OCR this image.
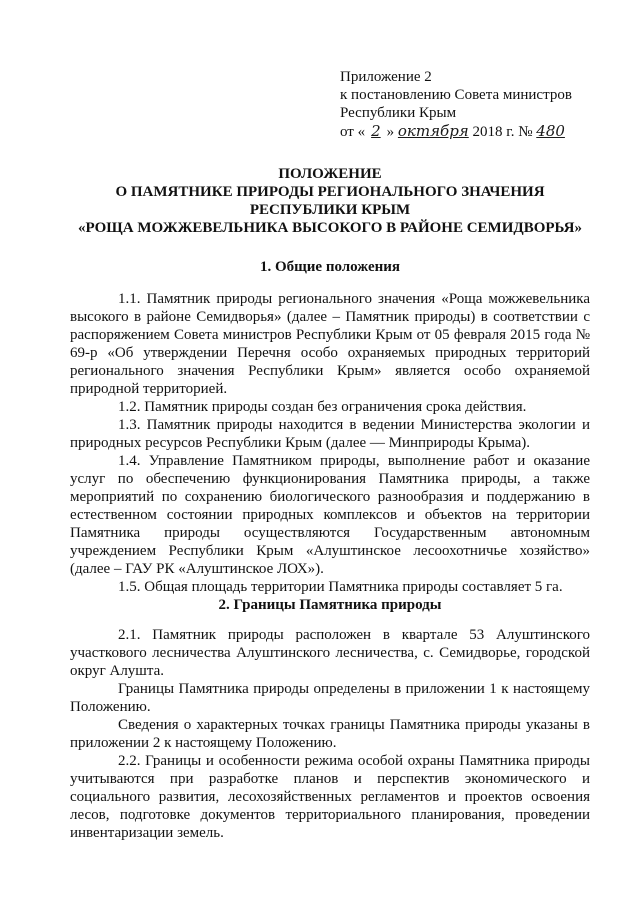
Приложение 2
к постановлению Совета министров
Республики Крым
от « 2 » октября 2018 г. № 480
ПОЛОЖЕНИЕ
О ПАМЯТНИКЕ ПРИРОДЫ РЕГИОНАЛЬНОГО ЗНАЧЕНИЯ
РЕСПУБЛИКИ КРЫМ
«РОЩА МОЖЖЕВЕЛЬНИКА ВЫСОКОГО В РАЙОНЕ СЕМИДВОРЬЯ»
1. Общие положения

1.1. Памятник природы регионального значения «Роща можжевельника высокого в районе Семидворья» (далее – Памятник природы) в соответствии с распоряжением Совета министров Республики Крым от 05 февраля 2015 года № 69-р «Об утверждении Перечня особо охраняемых природных территорий регионального значения Республики Крым» является особо охраняемой природной территорией.

1.2. Памятник природы создан без ограничения срока действия.

1.3. Памятник природы находится в ведении Министерства экологии и природных ресурсов Республики Крым (далее — Минприроды Крыма).

1.4. Управление Памятником природы, выполнение работ и оказание услуг по обеспечению функционирования Памятника природы, а также мероприятий по сохранению биологического разнообразия и поддержанию в естественном состоянии природных комплексов и объектов на территории Памятника природы осуществляются Государственным автономным учреждением Республики Крым «Алуштинское лесоохотничье хозяйство» (далее – ГАУ РК «Алуштинское ЛОХ»).

1.5. Общая площадь территории Памятника природы составляет 5 га.

2. Границы Памятника природы

2.1. Памятник природы расположен в квартале 53 Алуштинского участкового лесничества Алуштинского лесничества, с. Семидворье, городской округ Алушта.

Границы Памятника природы определены в приложении 1 к настоящему Положению.

Сведения о характерных точках границы Памятника природы указаны в приложении 2 к настоящему Положению.

2.2. Границы и особенности режима особой охраны Памятника природы учитываются при разработке планов и перспектив экономического и социального развития, лесохозяйственных регламентов и проектов освоения лесов, подготовке документов территориального планирования, проведении инвентаризации земель.
